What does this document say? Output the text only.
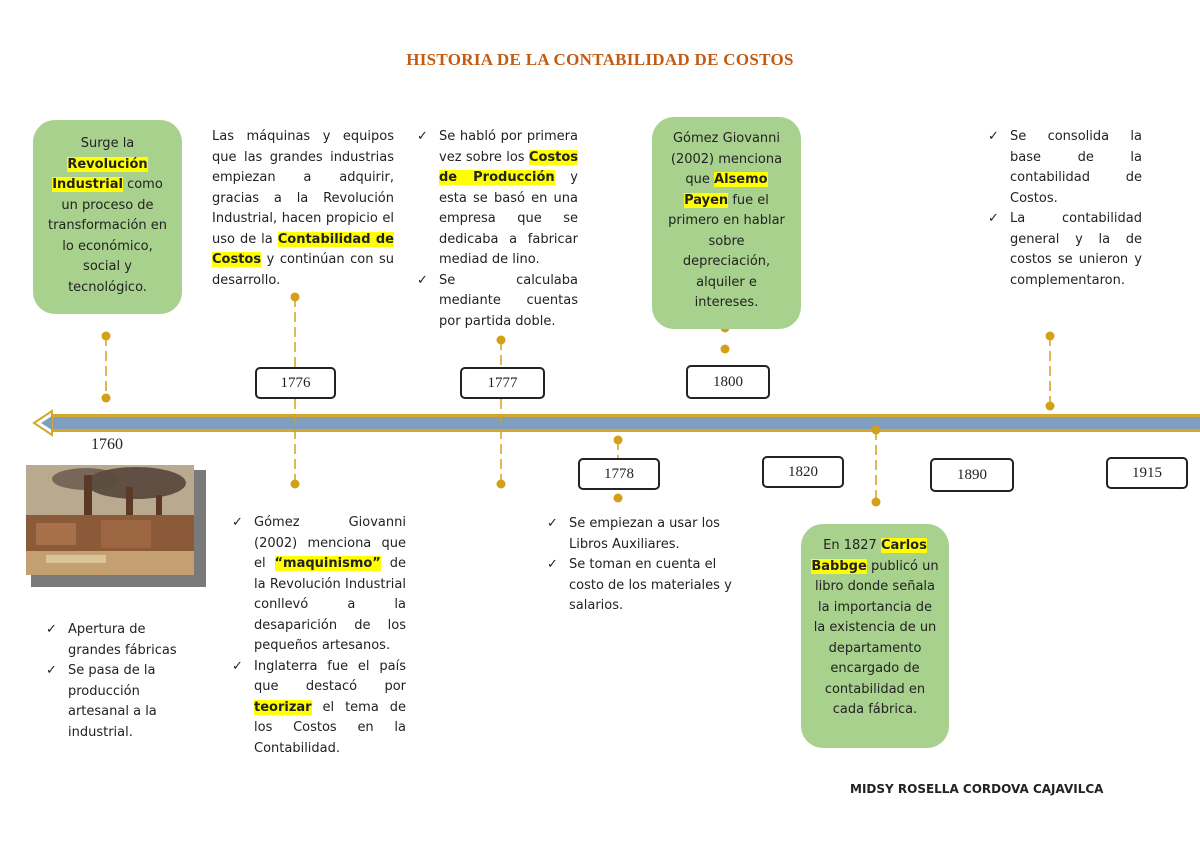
HISTORIA DE LA CONTABILIDAD DE COSTOS
Surge la Revolución Industrial como un proceso de transformación en lo económico, social y tecnológico.
1760
✓ Apertura de grandes fábricas
✓ Se pasa de la producción artesanal a la industrial.
Las máquinas y equipos que las grandes industrias empiezan a adquirir, gracias a la Revolución Industrial, hacen propicio el uso de la Contabilidad de Costos y continúan con su desarrollo.
1776
✓ Gómez Giovanni (2002) menciona que el “maquinismo” de la Revolución Industrial conllevó a la desaparición de los pequeños artesanos.
✓ Inglaterra fue el país que destacó por teorizar el tema de los Costos en la Contabilidad.
✓ Se habló por primera vez sobre los Costos de Producción y esta se basó en una empresa que se dedicaba a fabricar mediad de lino.
✓ Se calculaba mediante cuentas por partida doble.
1777
1778
✓ Se empiezan a usar los Libros Auxiliares.
✓ Se toman en cuenta el costo de los materiales y salarios.
Gómez Giovanni (2002) menciona que Alsemo Payen fue el primero en hablar sobre depreciación, alquiler e intereses.
1800
1820
En 1827 Carlos Babbge publicó un libro donde señala la importancia de la existencia de un departamento encargado de contabilidad en cada fábrica.
1890
✓ Se consolida la base de la contabilidad de Costos.
✓ La contabilidad general y la de costos se unieron y complementaron.
1915
MIDSY ROSELLA CORDOVA CAJAVILCA
